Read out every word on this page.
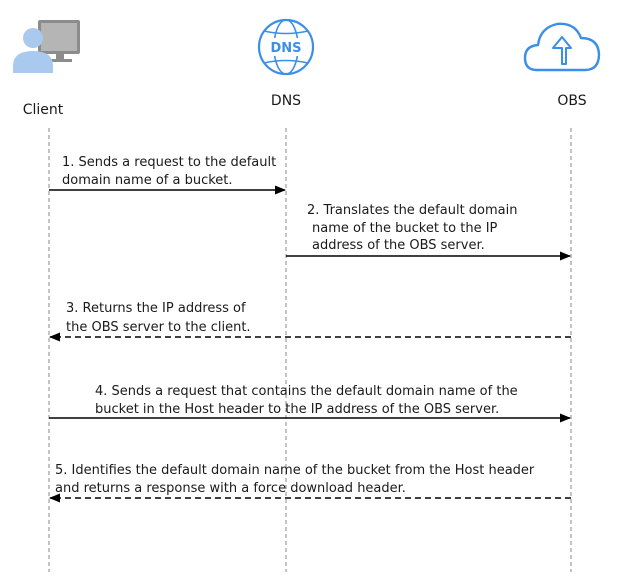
DNS
Client
DNS	OBS
1. Sends a request to the default
domain name of a bucket.
2. Translates the default domain
name of the bucket to the IP
address of the OBS server.
3. Returns the IP address of
the OBS server to the client.
4. Sends a request that contains the default domain name of the
bucket in the Host header to the IP address of the OBS server.
5. Identifies the default domain name of the bucket from the Host header
and returns a response with a force download header.
